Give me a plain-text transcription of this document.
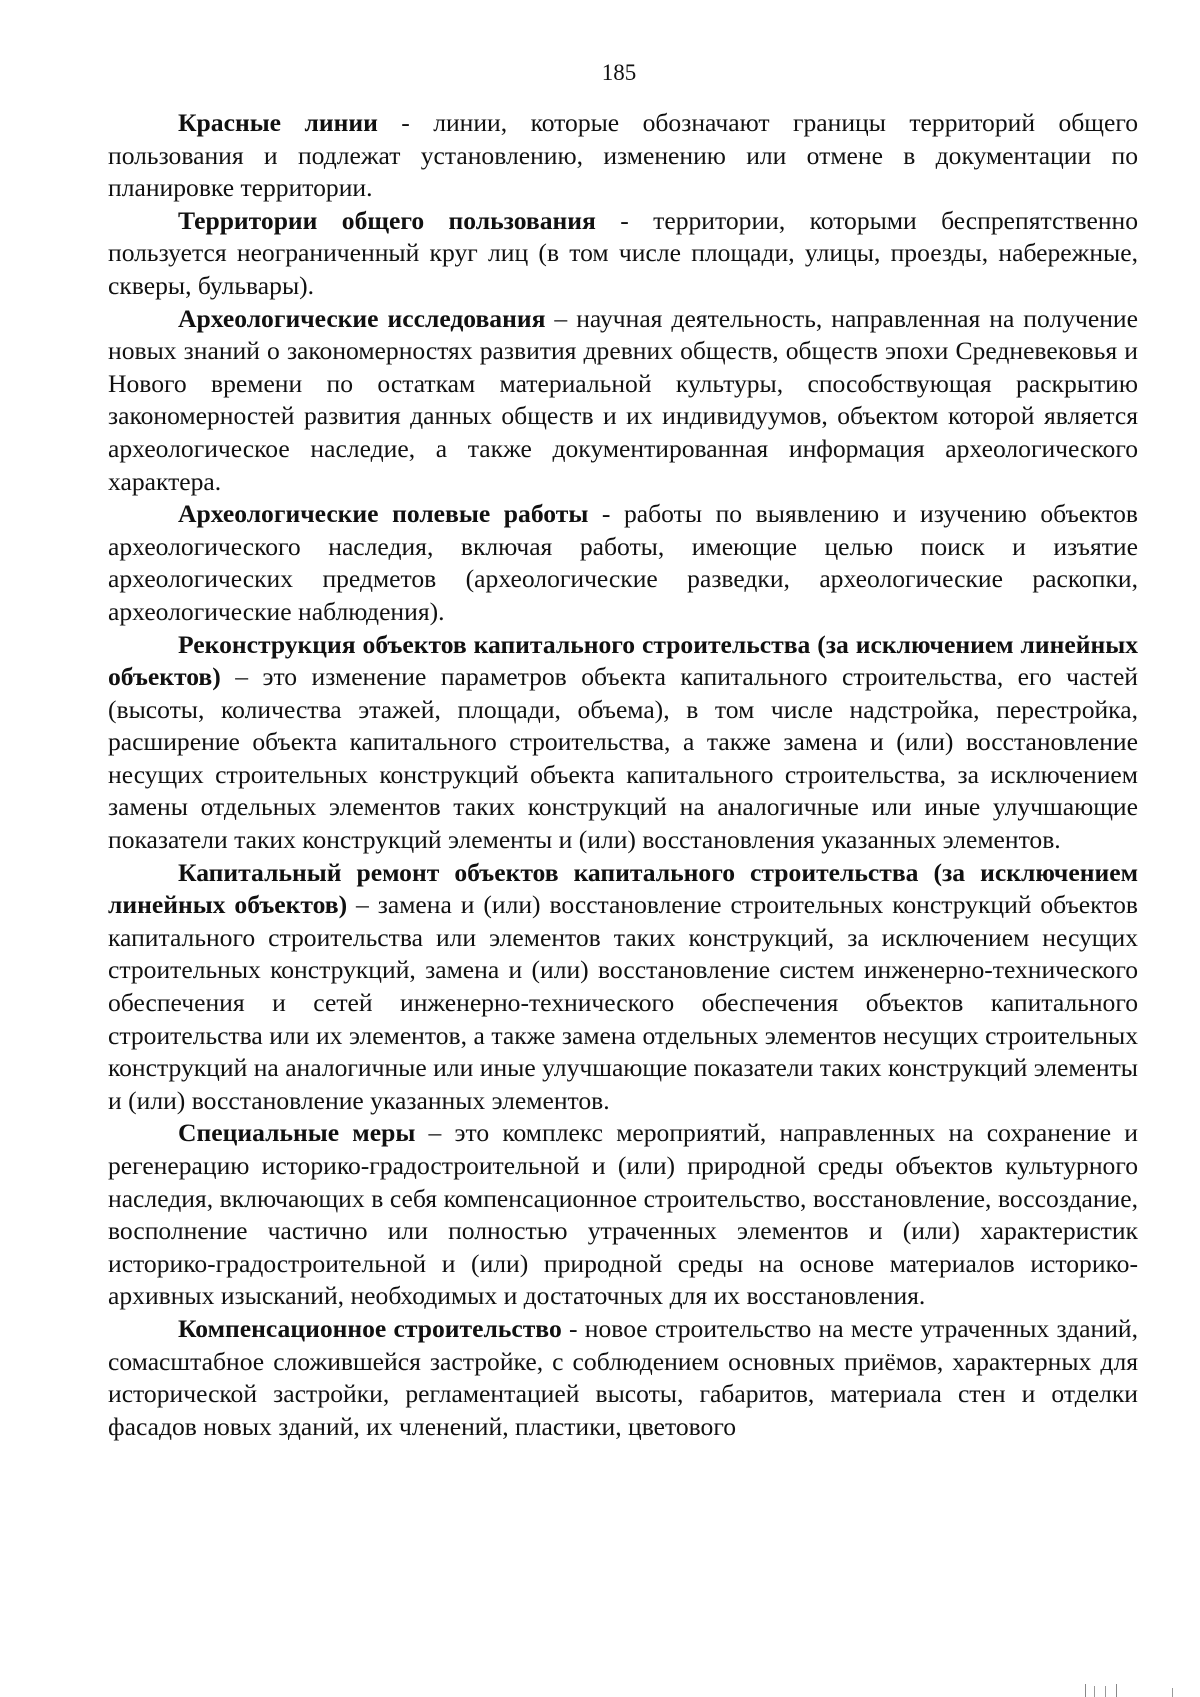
185

Красные линии - линии, которые обозначают границы территорий общего пользования и подлежат установлению, изменению или отмене в документации по планировке территории.

Территории общего пользования - территории, которыми беспрепятственно пользуется неограниченный круг лиц (в том числе площади, улицы, проезды, набережные, скверы, бульвары).

Археологические исследования – научная деятельность, направленная на получение новых знаний о закономерностях развития древних обществ, обществ эпохи Средневековья и Нового времени по остаткам материальной культуры, способствующая раскрытию закономерностей развития данных обществ и их индивидуумов, объектом которой является археологическое наследие, а также документированная информация археологического характера.

Археологические полевые работы - работы по выявлению и изучению объектов археологического наследия, включая работы, имеющие целью поиск и изъятие археологических предметов (археологические разведки, археологические раскопки, археологические наблюдения).

Реконструкция объектов капитального строительства (за исключением линейных объектов) – это изменение параметров объекта капитального строительства, его частей (высоты, количества этажей, площади, объема), в том числе надстройка, перестройка, расширение объекта капитального строительства, а также замена и (или) восстановление несущих строительных конструкций объекта капитального строительства, за исключением замены отдельных элементов таких конструкций на аналогичные или иные улучшающие показатели таких конструкций элементы и (или) восстановления указанных элементов.

Капитальный ремонт объектов капитального строительства (за исключением линейных объектов) – замена и (или) восстановление строительных конструкций объектов капитального строительства или элементов таких конструкций, за исключением несущих строительных конструкций, замена и (или) восстановление систем инженерно-технического обеспечения и сетей инженерно-технического обеспечения объектов капитального строительства или их элементов, а также замена отдельных элементов несущих строительных конструкций на аналогичные или иные улучшающие показатели таких конструкций элементы и (или) восстановление указанных элементов.

Специальные меры – это комплекс мероприятий, направленных на сохранение и регенерацию историко-градостроительной и (или) природной среды объектов культурного наследия, включающих в себя компенсационное строительство, восстановление, воссоздание, восполнение частично или полностью утраченных элементов и (или) характеристик историко-градостроительной и (или) природной среды на основе материалов историко-архивных изысканий, необходимых и достаточных для их восстановления.

Компенсационное строительство - новое строительство на месте утраченных зданий, сомасштабное сложившейся застройке, с соблюдением основных приёмов, характерных для исторической застройки, регламентацией высоты, габаритов, материала стен и отделки фасадов новых зданий, их членений, пластики, цветового
